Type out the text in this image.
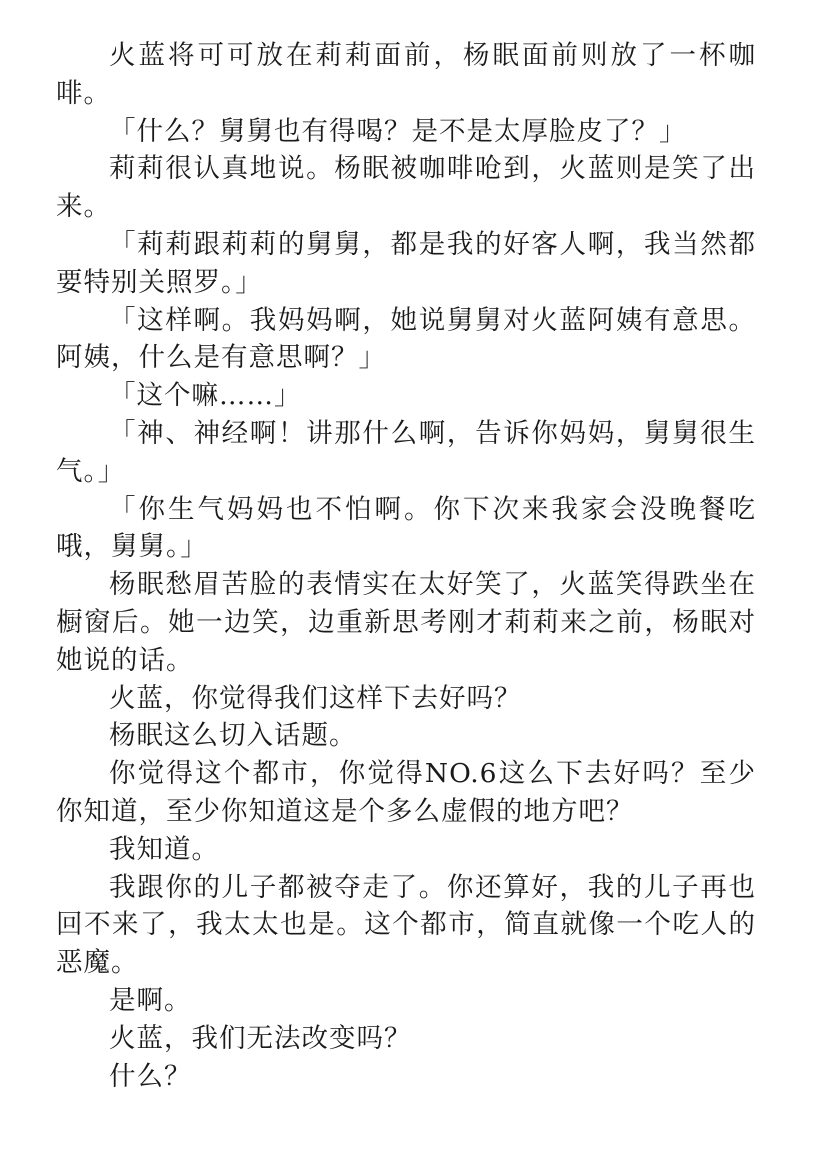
火蓝将可可放在莉莉面前，杨眠面前则放了一杯咖啡。

「什么？舅舅也有得喝？是不是太厚脸皮了？」

莉莉很认真地说。杨眠被咖啡呛到，火蓝则是笑了出来。

「莉莉跟莉莉的舅舅，都是我的好客人啊，我当然都要特别关照罗。」

「这样啊。我妈妈啊，她说舅舅对火蓝阿姨有意思。阿姨，什么是有意思啊？」

「这个嘛……」

「神、神经啊！讲那什么啊，告诉你妈妈，舅舅很生气。」

「你生气妈妈也不怕啊。你下次来我家会没晚餐吃哦，舅舅。」

杨眠愁眉苦脸的表情实在太好笑了，火蓝笑得跌坐在橱窗后。她一边笑，边重新思考刚才莉莉来之前，杨眠对她说的话。

火蓝，你觉得我们这样下去好吗？

杨眠这么切入话题。

你觉得这个都市，你觉得NO.6这么下去好吗？至少你知道，至少你知道这是个多么虚假的地方吧？

我知道。

我跟你的儿子都被夺走了。你还算好，我的儿子再也回不来了，我太太也是。这个都市，简直就像一个吃人的恶魔。

是啊。

火蓝，我们无法改变吗？

什么？
